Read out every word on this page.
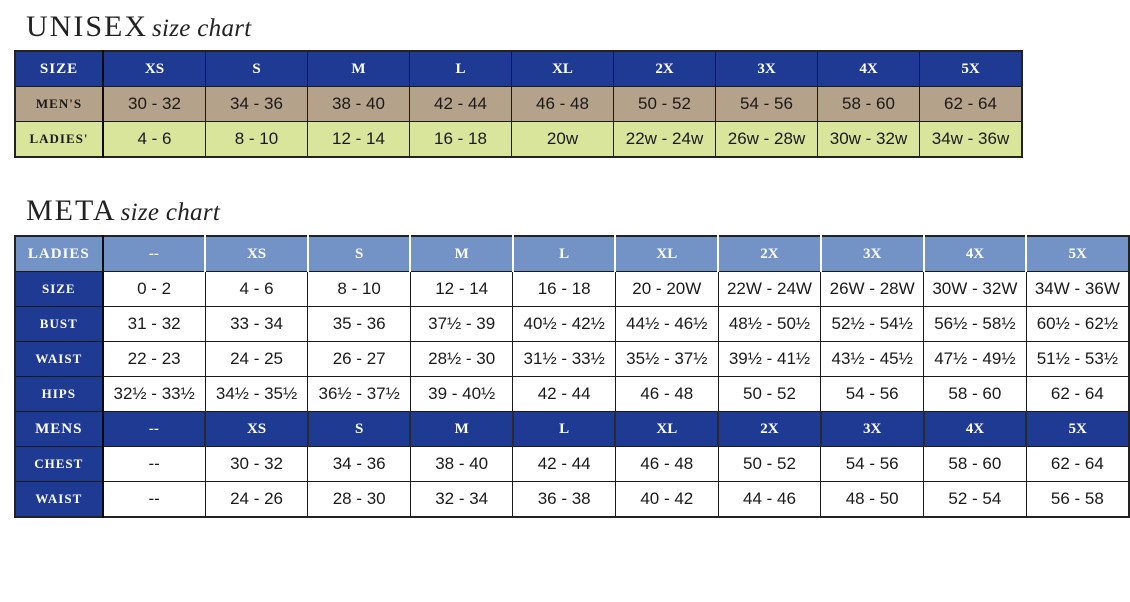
UNISEX size chart
SIZE	XS	S	M	L	XL	2X	3X	4X	5X
MEN'S	30 - 32	34 - 36	38 - 40	42 - 44	46 - 48	50 - 52	54 - 56	58 - 60	62 - 64
LADIES'	4 - 6	8 - 10	12 - 14	16 - 18	20w	22w - 24w	26w - 28w	30w - 32w	34w - 36w
META size chart
LADIES	--	XS	S	M	L	XL	2X	3X	4X	5X
SIZE	0 - 2	4 - 6	8 - 10	12 - 14	16 - 18	20 - 20W	22W - 24W	26W - 28W	30W - 32W	34W - 36W
BUST	31 - 32	33 - 34	35 - 36	37½ - 39	40½ - 42½	44½ - 46½	48½ - 50½	52½ - 54½	56½ - 58½	60½ - 62½
WAIST	22 - 23	24 - 25	26 - 27	28½ - 30	31½ - 33½	35½ - 37½	39½ - 41½	43½ - 45½	47½ - 49½	51½ - 53½
HIPS	32½ - 33½	34½ - 35½	36½ - 37½	39 - 40½	42 - 44	46 - 48	50 - 52	54 - 56	58 - 60	62 - 64
MENS	--	XS	S	M	L	XL	2X	3X	4X	5X
CHEST	--	30 - 32	34 - 36	38 - 40	42 - 44	46 - 48	50 - 52	54 - 56	58 - 60	62 - 64
WAIST	--	24 - 26	28 - 30	32 - 34	36 - 38	40 - 42	44 - 46	48 - 50	52 - 54	56 - 58
